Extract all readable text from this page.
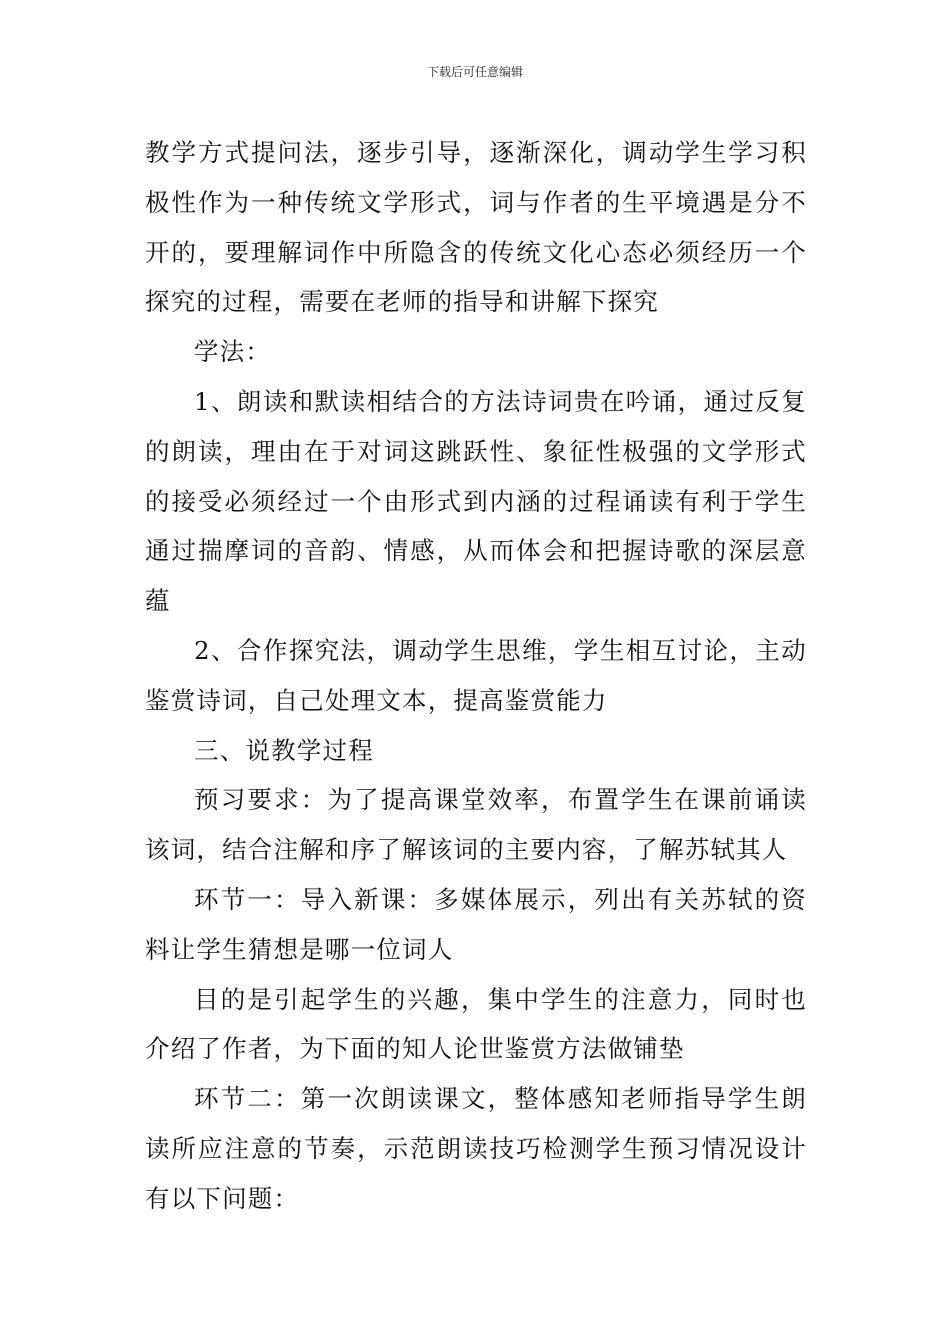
下载后可任意编辑

教学方式提问法，逐步引导，逐渐深化，调动学生学习积极性作为一种传统文学形式，词与作者的生平境遇是分不开的，要理解词作中所隐含的传统文化心态必须经历一个探究的过程，需要在老师的指导和讲解下探究

学法：

1、朗读和默读相结合的方法诗词贵在吟诵，通过反复的朗读，理由在于对词这跳跃性、象征性极强的文学形式的接受必须经过一个由形式到内涵的过程诵读有利于学生通过揣摩词的音韵、情感，从而体会和把握诗歌的深层意蕴

2、合作探究法，调动学生思维，学生相互讨论，主动鉴赏诗词，自己处理文本，提高鉴赏能力

三、说教学过程

预习要求：为了提高课堂效率，布置学生在课前诵读该词，结合注解和序了解该词的主要内容，了解苏轼其人

环节一：导入新课：多媒体展示，列出有关苏轼的资料让学生猜想是哪一位词人

目的是引起学生的兴趣，集中学生的注意力，同时也介绍了作者，为下面的知人论世鉴赏方法做铺垫

环节二：第一次朗读课文，整体感知老师指导学生朗读所应注意的节奏，示范朗读技巧检测学生预习情况设计有以下问题：
